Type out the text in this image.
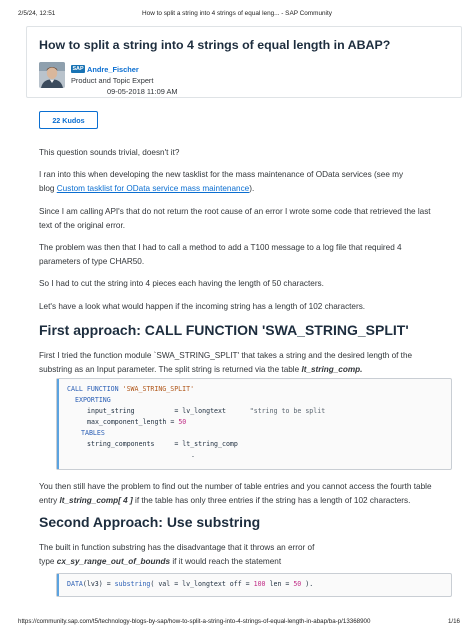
2/5/24, 12:51	How to split a string into 4 strings of equal leng... - SAP Community
How to split a string into 4 strings of equal length in ABAP?
SAP Andre_Fischer
Product and Topic Expert
09-05-2018 11:09 AM
22 Kudos
This question sounds trivial, doesn't it?
I ran into this when developing the new tasklist for the mass maintenance of OData services (see my
blog Custom tasklist for OData service mass maintenance).
Since I am calling API's that do not return the root cause of an error I wrote some code that retrieved the last
text of the original error.
The problem was then that I had to call a method to add a T100 message to a log file that required 4
parameters of type CHAR50.
So I had to cut the string into 4 pieces each having the length of 50 characters.
Let's have a look what would happen if the incoming string has a length of 102 characters.
First approach: CALL FUNCTION 'SWA_STRING_SPLIT'
First I tried the function module `SWA_STRING_SPLIT' that takes a string and the desired length of the
substring as an Input parameter. The split string is returned via the table lt_string_comp.
CALL FUNCTION 'SWA_STRING_SPLIT'
EXPORTING
input_string          = lv_longtext      "string to be split
max_component_length = 50
TABLES
string_components     = lt_string_comp
.
You then still have the problem to find out the number of table entries and you cannot access the fourth table
entry lt_string_comp[ 4 ] if the table has only three entries if the string has a length of 102 characters.
Second Approach: Use substring
The built in function substring has the disadvantage that it throws an error of
type cx_sy_range_out_of_bounds if it would reach the statement
DATA(lv3) = substring( val = lv_longtext off = 100 len = 50 ).
https://community.sap.com/t5/technology-blogs-by-sap/how-to-split-a-string-into-4-strings-of-equal-length-in-abap/ba-p/13368900	1/16
